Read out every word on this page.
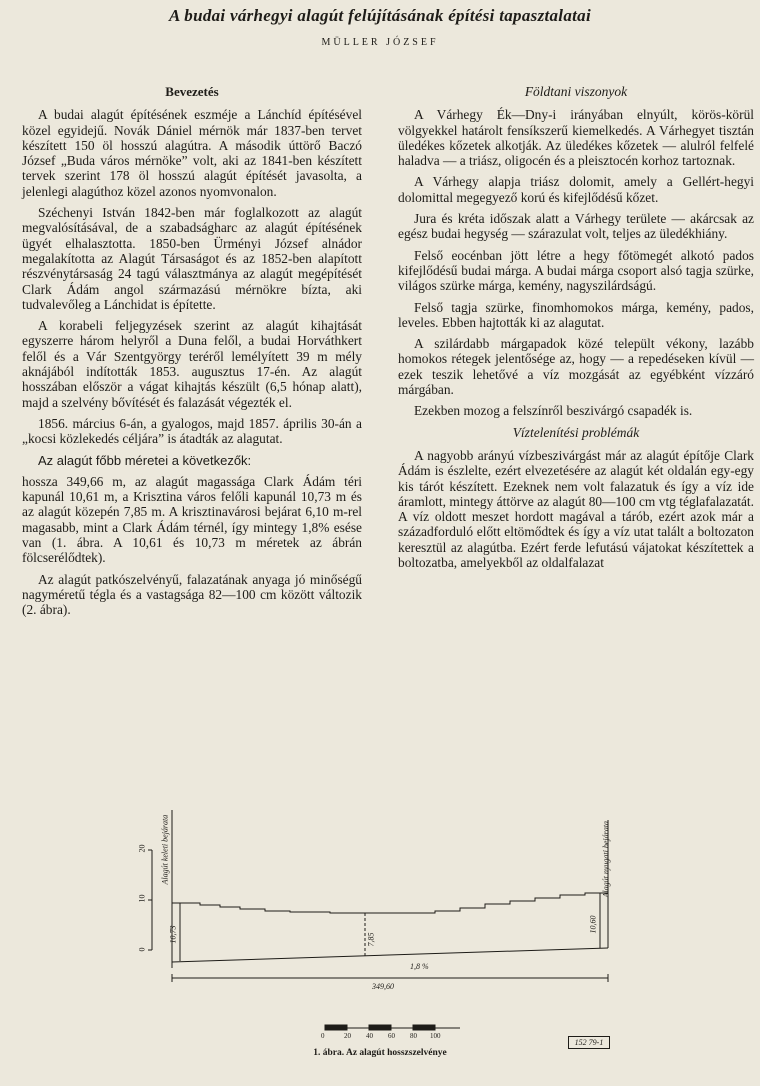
A budai várhegyi alagút felújításának építési tapasztalatai
MÜLLER JÓZSEF
Bevezetés

A budai alagút építésének eszméje a Lánchíd építésével közel egyidejű. Novák Dániel mérnök már 1837-ben tervet készített 150 öl hosszú alagútra. A második úttörő Baczó József „Buda város mérnöke” volt, aki az 1841-ben készített tervek szerint 178 öl hosszú alagút építését javasolta, a jelenlegi alagúthoz közel azonos nyomvonalon.

Széchenyi István 1842-ben már foglalkozott az alagút megvalósításával, de a szabadságharc az alagút építésének ügyét elhalasztotta. 1850-ben Ürményi József alnádor megalakította az Alagút Társaságot és az 1852-ben alapított részvénytársaság 24 tagú választmánya az alagút megépítését Clark Ádám angol származású mérnökre bízta, aki tudvalevőleg a Lánchidat is építette.

A korabeli feljegyzések szerint az alagút kihajtását egyszerre három helyről a Duna felől, a budai Horváthkert felől és a Vár Szentgyörgy teréről lemélyített 39 m mély aknájából indították 1853. augusztus 17-én. Az alagút hosszában először a vágat kihajtás készült (6,5 hónap alatt), majd a szelvény bővítését és falazását végezték el.

1856. március 6-án, a gyalogos, majd 1857. április 30-án a „kocsi közlekedés céljára” is átadták az alagutat.

Az alagút főbb méretei a következők:

hossza 349,66 m, az alagút magassága Clark Ádám téri kapunál 10,61 m, a Krisztina város felőli kapunál 10,73 m és az alagút közepén 7,85 m. A krisztinavárosi bejárat 6,10 m-rel magasabb, mint a Clark Ádám térnél, így mintegy 1,8% esése van (1. ábra. A 10,61 és 10,73 m méretek az ábrán fölcserélődtek).

Az alagút patkószelvényű, falazatának anyaga jó minőségű nagyméretű tégla és a vastagsága 82—100 cm között változik (2. ábra).

Földtani viszonyok

A Várhegy Ék—Dny-i irányában elnyúlt, körös-körül völgyekkel határolt fensíkszerű kiemelkedés. A Várhegyet tisztán üledékes kőzetek alkotják. Az üledékes kőzetek — alulról felfelé haladva — a triász, oligocén és a pleisztocén korhoz tartoznak.

A Várhegy alapja triász dolomit, amely a Gellért-hegyi dolomittal megegyező korú és kifejlődésű kőzet.

Jura és kréta időszak alatt a Várhegy területe — akárcsak az egész budai hegység — szárazulat volt, teljes az üledékhiány.

Felső eocénban jött létre a hegy főtömegét alkotó pados kifejlődésű budai márga. A budai márga csoport alsó tagja szürke, világos szürke márga, kemény, nagyszilárdságú.

Felső tagja szürke, finomhomokos márga, kemény, pados, leveles. Ebben hajtották ki az alagutat.

A szilárdabb márgapadok közé települt vékony, lazább homokos rétegek jelentősége az, hogy — a repedéseken kívül — ezek teszik lehetővé a víz mozgását az egyébként vízzáró márgában.

Ezekben mozog a felszínről beszivárgó csapadék is.

Víztelenítési problémák

A nagyobb arányú vízbeszivárgást már az alagút építője Clark Ádám is észlelte, ezért elvezetésére az alagút két oldalán egy-egy kis tárót készített. Ezeknek nem volt falazatuk és így a víz ide áramlott, mintegy áttörve az alagút 80—100 cm vtg téglafalazatát. A víz oldott meszet hordott magával a tárób, ezért azok már a századforduló előtt eltömődtek és így a víz utat talált a boltozaton keresztül az alagútba. Ezért ferde lefutású vájatokat készítettek a boltozatba, amelyekből az oldalfalazat

Alagút keleti bejárata	Alagút nyugati bejárata
20
10
0
10,73
10,60
7,85
1,8 %
349,60
0	20 40 60 80 100
152 79-1
1. ábra. Az alagút hosszszelvénye
